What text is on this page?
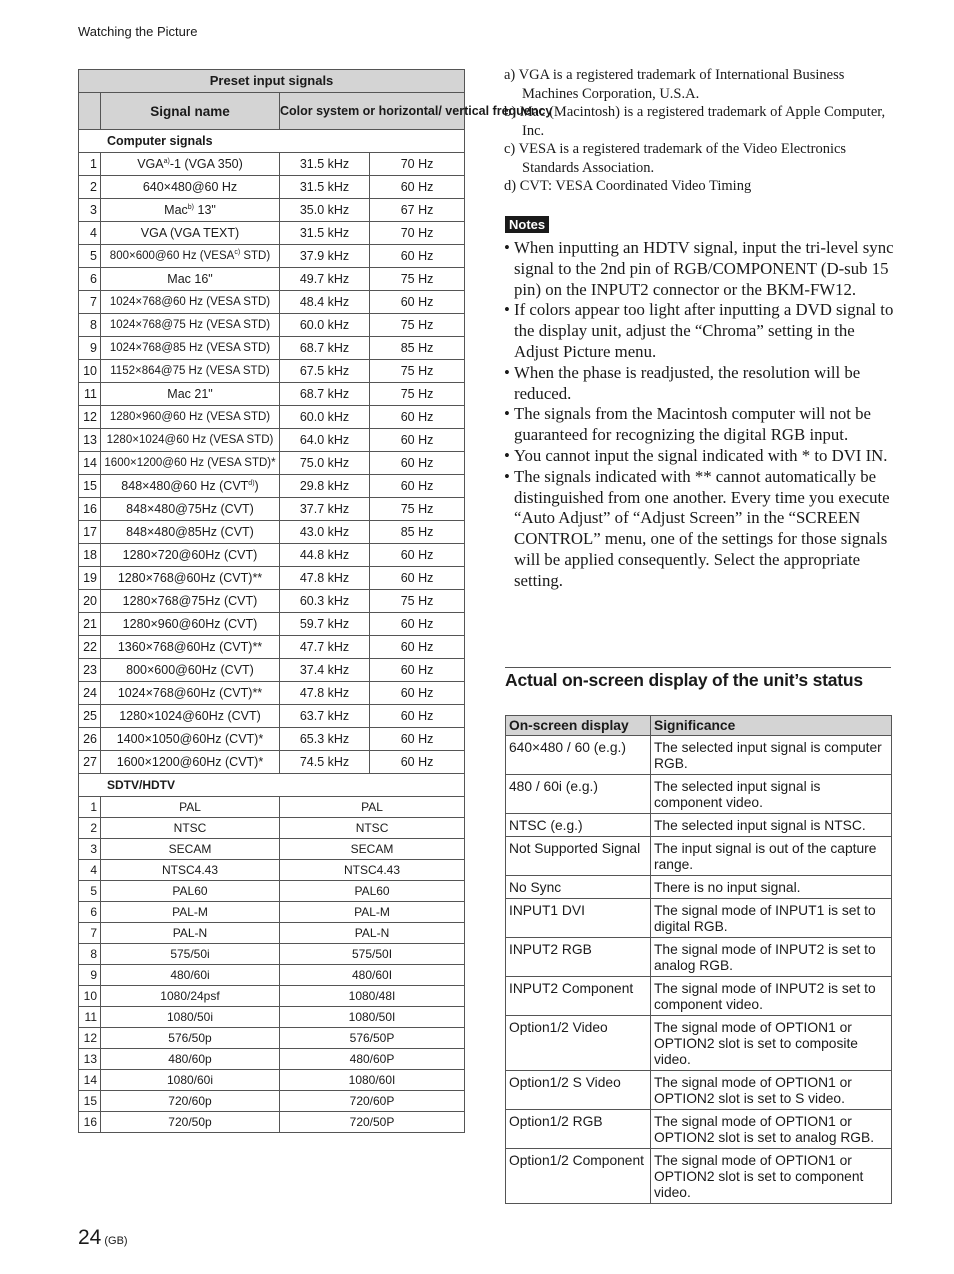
Watching the Picture
Preset input signals			
	Signal name	Color system or horizontal/ vertical frequency	
Computer signals			
1	VGA$^{a)}$-1 (VGA 350)	31.5 kHz	70 Hz
2	640×480@60 Hz	31.5 kHz	60 Hz
3	Mac$^{b)}$ 13"	35.0 kHz	67 Hz
4	VGA (VGA TEXT)	31.5 kHz	70 Hz
5	800×600@60 Hz (VESA$^{c)}$ STD)	37.9 kHz	60 Hz
6	Mac 16"	49.7 kHz	75 Hz
7	1024×768@60 Hz (VESA STD)	48.4 kHz	60 Hz
8	1024×768@75 Hz (VESA STD)	60.0 kHz	75 Hz
9	1024×768@85 Hz (VESA STD)	68.7 kHz	85 Hz
10	1152×864@75 Hz (VESA STD)	67.5 kHz	75 Hz
11	Mac 21"	68.7 kHz	75 Hz
12	1280×960@60 Hz (VESA STD)	60.0 kHz	60 Hz
13	1280×1024@60 Hz (VESA STD)	64.0 kHz	60 Hz
14	1600×1200@60 Hz (VESA STD)*	75.0 kHz	60 Hz
15	848×480@60 Hz (CVT$^{d)}$)	29.8 kHz	60 Hz
16	848×480@75Hz (CVT)	37.7 kHz	75 Hz
17	848×480@85Hz (CVT)	43.0 kHz	85 Hz
18	1280×720@60Hz (CVT)	44.8 kHz	60 Hz
19	1280×768@60Hz (CVT)**	47.8 kHz	60 Hz
20	1280×768@75Hz (CVT)	60.3 kHz	75 Hz
21	1280×960@60Hz (CVT)	59.7 kHz	60 Hz
22	1360×768@60Hz (CVT)**	47.7 kHz	60 Hz
23	800×600@60Hz (CVT)	37.4 kHz	60 Hz
24	1024×768@60Hz (CVT)**	47.8 kHz	60 Hz
25	1280×1024@60Hz (CVT)	63.7 kHz	60 Hz
26	1400×1050@60Hz (CVT)*	65.3 kHz	60 Hz
27	1600×1200@60Hz (CVT)*	74.5 kHz	60 Hz
SDTV/HDTV			
1	PAL	PAL	
2	NTSC	NTSC	
3	SECAM	SECAM	
4	NTSC4.43	NTSC4.43	
5	PAL60	PAL60	
6	PAL-M	PAL-M	
7	PAL-N	PAL-N	
8	575/50i	575/50I	
9	480/60i	480/60I	
10	1080/24psf	1080/48I	
11	1080/50i	1080/50I	
12	576/50p	576/50P	
13	480/60p	480/60P	
14	1080/60i	1080/60I	
15	720/60p	720/60P	
16	720/50p	720/50P	
a) VGA is a registered trademark of International Business Machines Corporation, U.S.A.
b) Mac (Macintosh) is a registered trademark of Apple Computer, Inc.
c) VESA is a registered trademark of the Video Electronics Standards Association.
d) CVT: VESA Coordinated Video Timing
Notes
• When inputting an HDTV signal, input the tri-level sync signal to the 2nd pin of RGB/COMPONENT (D-sub 15 pin) on the INPUT2 connector or the BKM-FW12.
• If colors appear too light after inputting a DVD signal to the display unit, adjust the “Chroma” setting in the Adjust Picture menu.
• When the phase is readjusted, the resolution will be reduced.
• The signals from the Macintosh computer will not be guaranteed for recognizing the digital RGB input.
• You cannot input the signal indicated with * to DVI IN.
• The signals indicated with ** cannot automatically be distinguished from one another. Every time you execute “Auto Adjust” of “Adjust Screen” in the “SCREEN CONTROL” menu, one of the settings for those signals will be applied consequently. Select the appropriate setting.
Actual on-screen display of the unit’s status
On-screen display	Significance
640×480 / 60 (e.g.)	The selected input signal is computer RGB.
480 / 60i (e.g.)	The selected input signal is component video.
NTSC (e.g.)	The selected input signal is NTSC.
Not Supported Signal	The input signal is out of the capture range.
No Sync	There is no input signal.
INPUT1 DVI	The signal mode of INPUT1 is set to digital RGB.
INPUT2 RGB	The signal mode of INPUT2 is set to analog RGB.
INPUT2 Component	The signal mode of INPUT2 is set to component video.
Option1/2 Video	The signal mode of OPTION1 or OPTION2 slot is set to composite video.
Option1/2 S Video	The signal mode of OPTION1 or OPTION2 slot is set to S video.
Option1/2 RGB	The signal mode of OPTION1 or OPTION2 slot is set to analog RGB.
Option1/2 Component	The signal mode of OPTION1 or OPTION2 slot is set to component video.
24 (GB)
